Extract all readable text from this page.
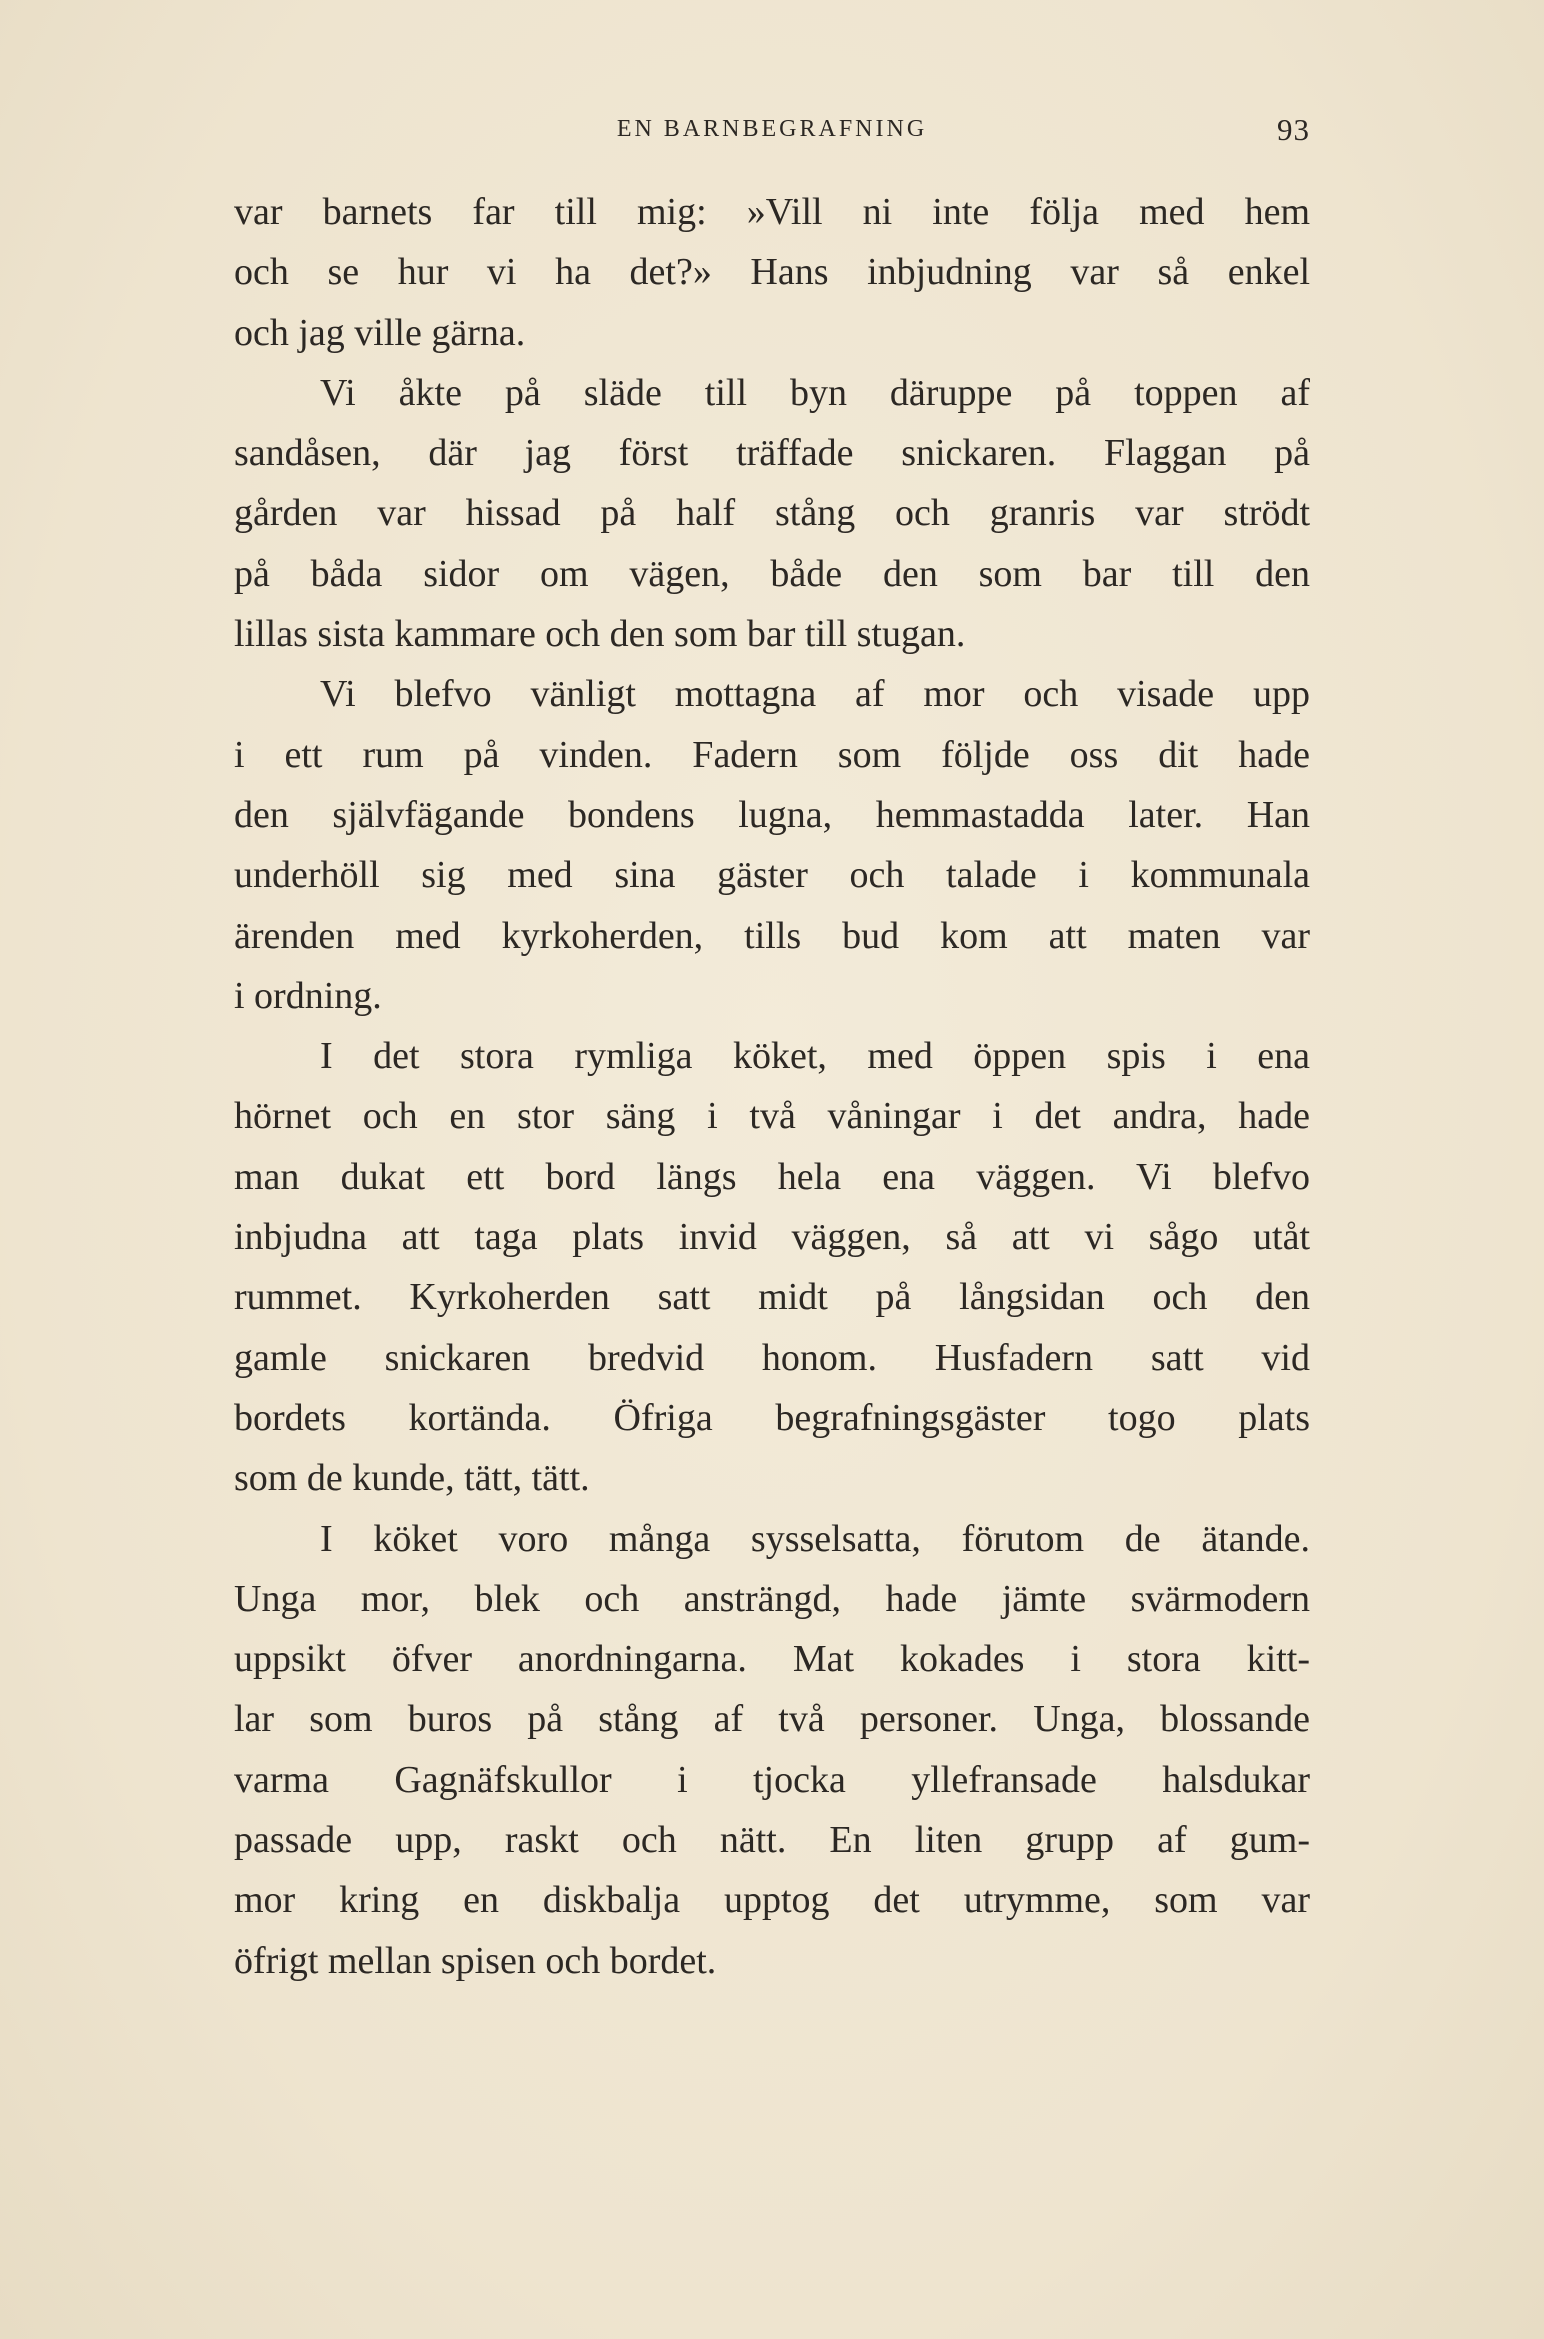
EN BARNBEGRAFNING	93
var barnets far till mig: »Vill ni inte följa med hem
och se hur vi ha det?» Hans inbjudning var så enkel
och jag ville gärna.
Vi åkte på släde till byn däruppe på toppen af
sandåsen, där jag först träffade snickaren. Flaggan på
gården var hissad på half stång och granris var strödt
på båda sidor om vägen, både den som bar till den
lillas sista kammare och den som bar till stugan.
Vi blefvo vänligt mottagna af mor och visade upp
i ett rum på vinden. Fadern som följde oss dit hade
den självfägande bondens lugna, hemmastadda later. Han
underhöll sig med sina gäster och talade i kommunala
ärenden med kyrkoherden, tills bud kom att maten var
i ordning.
I det stora rymliga köket, med öppen spis i ena
hörnet och en stor säng i två våningar i det andra, hade
man dukat ett bord längs hela ena väggen. Vi blefvo
inbjudna att taga plats invid väggen, så att vi sågo utåt
rummet. Kyrkoherden satt midt på långsidan och den
gamle snickaren bredvid honom. Husfadern satt vid
bordets kortända. Öfriga begrafningsgäster togo plats
som de kunde, tätt, tätt.
I köket voro många sysselsatta, förutom de ätande.
Unga mor, blek och ansträngd, hade jämte svärmodern
uppsikt öfver anordningarna. Mat kokades i stora kitt-
lar som buros på stång af två personer. Unga, blossande
varma Gagnäfskullor i tjocka yllefransade halsdukar
passade upp, raskt och nätt. En liten grupp af gum-
mor kring en diskbalja upptog det utrymme, som var
öfrigt mellan spisen och bordet.
